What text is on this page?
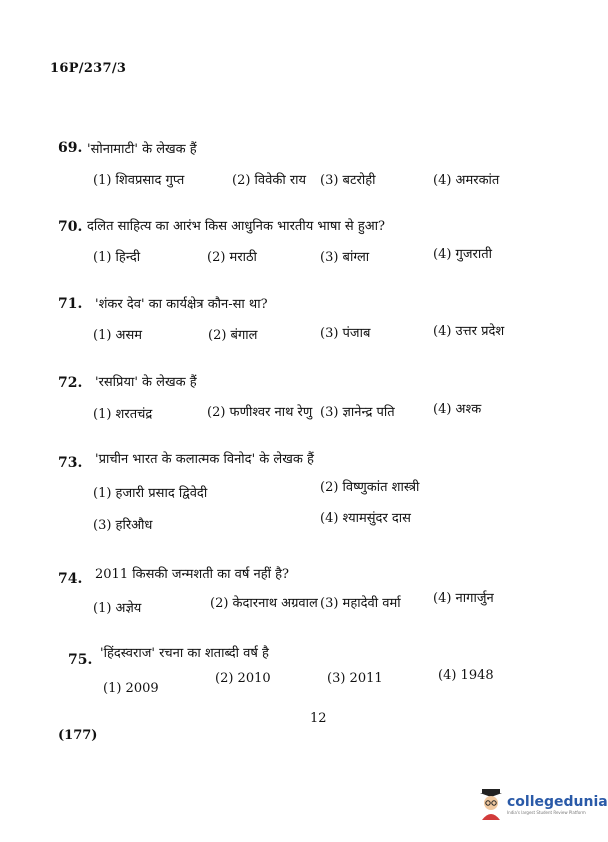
16P/237/3
69. 'सोनामाटी' के लेखक हैं
(1) शिवप्रसाद गुप्त	(2) विवेकी राय (3) बटरोही	(4) अमरकांत
70. दलित साहित्य का आरंभ किस आधुनिक भारतीय भाषा से हुआ?
(1) हिन्दी	(2) मराठी	(3) बांग्ला	(4) गुजराती
71. 'शंकर देव' का कार्यक्षेत्र कौन-सा था?
(1) असम	(2) बंगाल	(3) पंजाब	(4) उत्तर प्रदेश
72. 'रसप्रिया' के लेखक हैं
(1) शरतचंद्र	(2) फणीश्वर नाथ रेणु (3) ज्ञानेन्द्र पति	(4) अश्क
73. 'प्राचीन भारत के कलात्मक विनोद' के लेखक हैं
(1) हजारी प्रसाद द्विवेदी	(2) विष्णुकांत शास्त्री
(3) हरिऔध	(4) श्यामसुंदर दास
74. 2011 किसकी जन्मशती का वर्ष नहीं है?
(1) अज्ञेय	(2) केदारनाथ अग्रवाल (3) महादेवी वर्मा (4) नागार्जुन
75. 'हिंदस्वराज' रचना का शताब्दी वर्ष है
(1) 2009
(2) 2010	(3) 2011	(4) 1948
12
(177)
collegedunia
India's largest Student Review Platform
